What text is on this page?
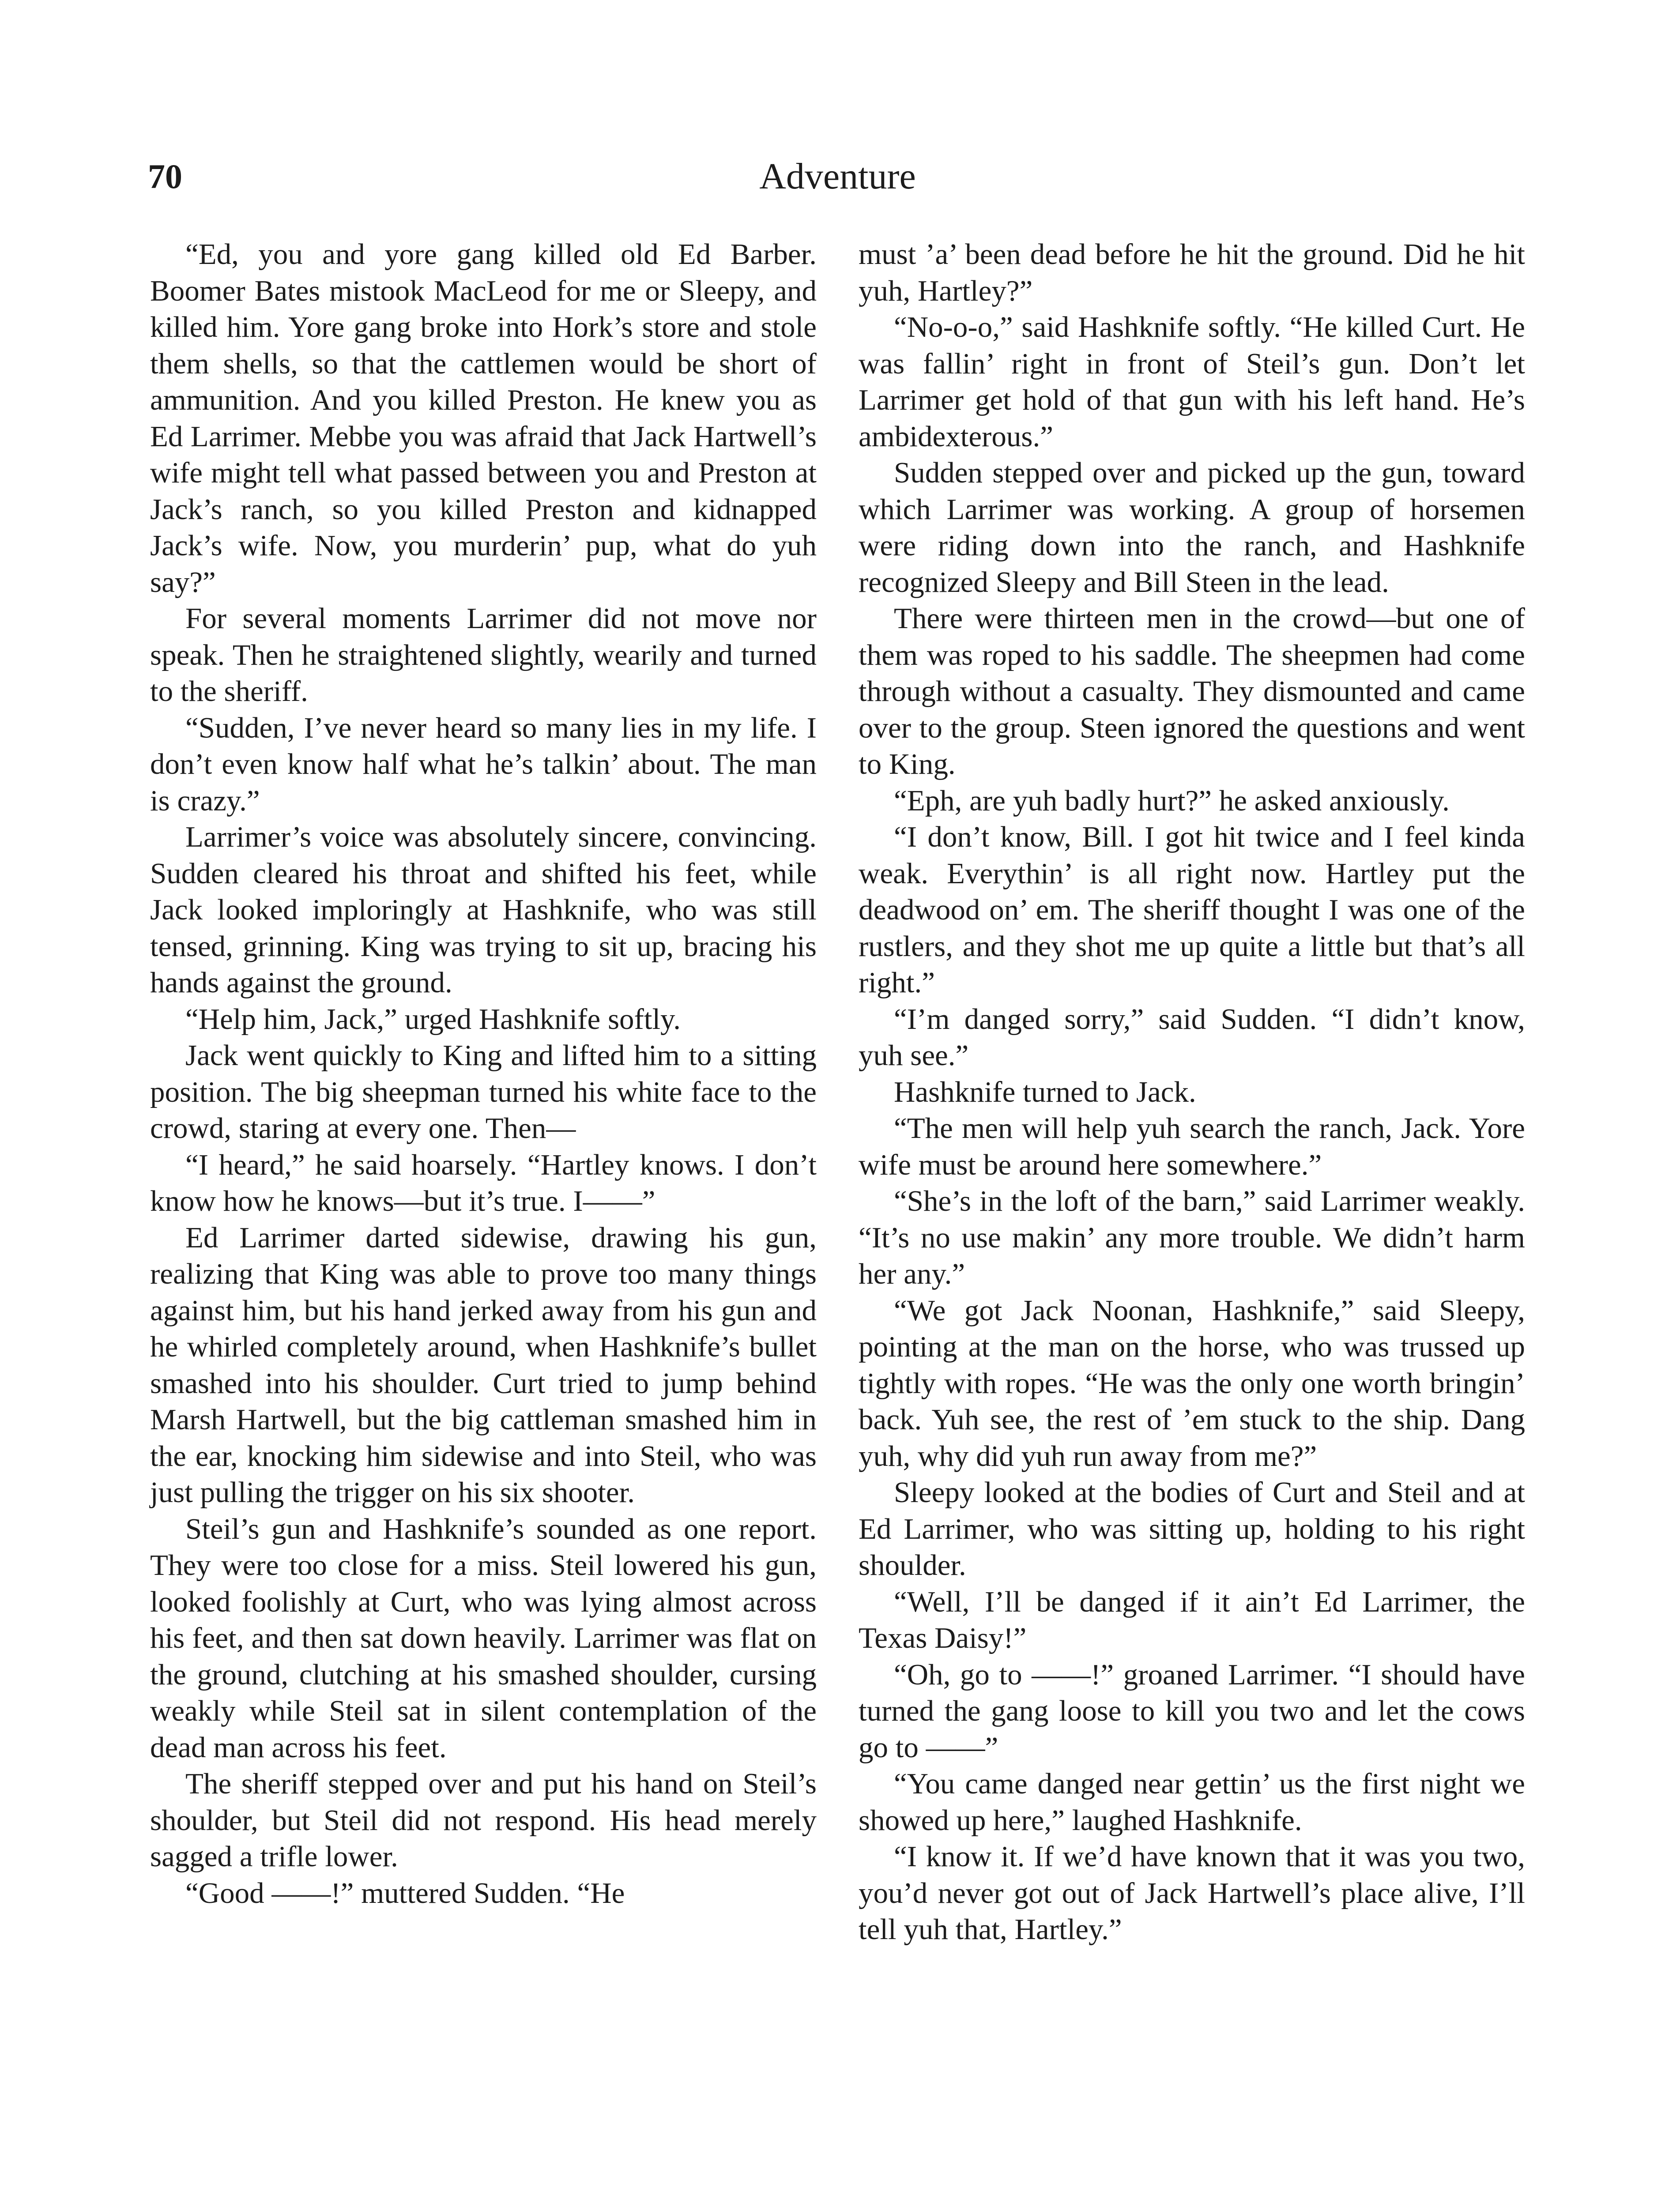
70	Adventure

“Ed, you and yore gang killed old Ed Barber. Boomer Bates mistook MacLeod for me or Sleepy, and killed him. Yore gang broke into Hork’s store and stole them shells, so that the cattlemen would be short of ammunition. And you killed Preston. He knew you as Ed Larrimer. Mebbe you was afraid that Jack Hartwell’s wife might tell what passed between you and Preston at Jack’s ranch, so you killed Preston and kidnapped Jack’s wife. Now, you murderin’ pup, what do yuh say?”

For several moments Larrimer did not move nor speak. Then he straightened slightly, wearily and turned to the sheriff.

“Sudden, I’ve never heard so many lies in my life. I don’t even know half what he’s talkin’ about. The man is crazy.”

Larrimer’s voice was absolutely sincere, convincing. Sudden cleared his throat and shifted his feet, while Jack looked imploringly at Hashknife, who was still tensed, grinning. King was trying to sit up, bracing his hands against the ground.

“Help him, Jack,” urged Hashknife softly.

Jack went quickly to King and lifted him to a sitting position. The big sheepman turned his white face to the crowd, staring at every one. Then—

“I heard,” he said hoarsely. “Hartley knows. I don’t know how he knows—but it’s true. I——”

Ed Larrimer darted sidewise, drawing his gun, realizing that King was able to prove too many things against him, but his hand jerked away from his gun and he whirled completely around, when Hashknife’s bullet smashed into his shoulder. Curt tried to jump behind Marsh Hartwell, but the big cattleman smashed him in the ear, knocking him sidewise and into Steil, who was just pulling the trigger on his six shooter.

Steil’s gun and Hashknife’s sounded as one report. They were too close for a miss. Steil lowered his gun, looked foolishly at Curt, who was lying almost across his feet, and then sat down heavily. Larrimer was flat on the ground, clutching at his smashed shoulder, cursing weakly while Steil sat in silent contemplation of the dead man across his feet.

The sheriff stepped over and put his hand on Steil’s shoulder, but Steil did not respond. His head merely sagged a trifle lower.

“Good ——!” muttered Sudden. “He

must ’a’ been dead before he hit the ground. Did he hit yuh, Hartley?”

“No-o-o,” said Hashknife softly. “He killed Curt. He was fallin’ right in front of Steil’s gun. Don’t let Larrimer get hold of that gun with his left hand. He’s ambidexterous.”

Sudden stepped over and picked up the gun, toward which Larrimer was working. A group of horsemen were riding down into the ranch, and Hashknife recognized Sleepy and Bill Steen in the lead.

There were thirteen men in the crowd—but one of them was roped to his saddle. The sheepmen had come through without a casualty. They dismounted and came over to the group. Steen ignored the questions and went to King.

“Eph, are yuh badly hurt?” he asked anxiously.

“I don’t know, Bill. I got hit twice and I feel kinda weak. Everythin’ is all right now. Hartley put the deadwood on’ em. The sheriff thought I was one of the rustlers, and they shot me up quite a little but that’s all right.”

“I’m danged sorry,” said Sudden. “I didn’t know, yuh see.”

Hashknife turned to Jack.

“The men will help yuh search the ranch, Jack. Yore wife must be around here somewhere.”

“She’s in the loft of the barn,” said Larrimer weakly. “It’s no use makin’ any more trouble. We didn’t harm her any.”

“We got Jack Noonan, Hashknife,” said Sleepy, pointing at the man on the horse, who was trussed up tightly with ropes. “He was the only one worth bringin’ back. Yuh see, the rest of ’em stuck to the ship. Dang yuh, why did yuh run away from me?”

Sleepy looked at the bodies of Curt and Steil and at Ed Larrimer, who was sitting up, holding to his right shoulder.

“Well, I’ll be danged if it ain’t Ed Larrimer, the Texas Daisy!”

“Oh, go to ——!” groaned Larrimer. “I should have turned the gang loose to kill you two and let the cows go to ——”

“You came danged near gettin’ us the first night we showed up here,” laughed Hashknife.

“I know it. If we’d have known that it was you two, you’d never got out of Jack Hartwell’s place alive, I’ll tell yuh that, Hartley.”
